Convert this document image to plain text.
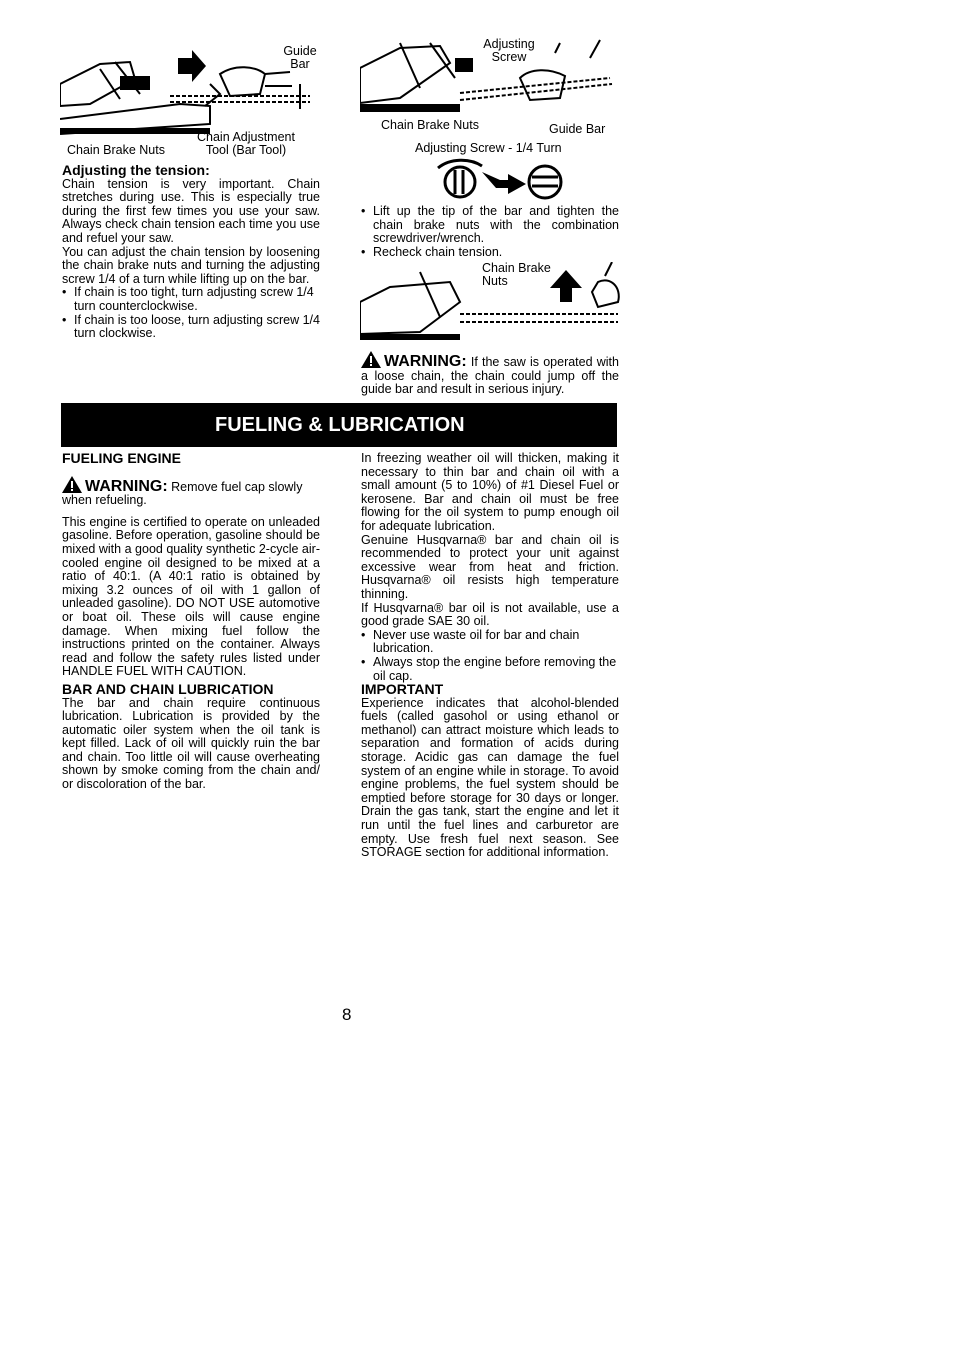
Guide
Bar
Chain Adjustment
Tool (Bar Tool)
Chain Brake Nuts
Adjusting
Screw
Chain Brake Nuts	Guide Bar
Adjusting Screw - 1/4 Turn

Adjusting the tension:

Chain tension is very important. Chain stretches during use. This is especially true during the first few times you use your saw. Always check chain tension each time you use and refuel your saw.

You can adjust the chain tension by loosening the chain brake nuts and turning the adjusting screw 1/4 of a turn while lifting up on the bar.

• If chain is too tight, turn adjusting screw 1/4 turn counterclockwise.
• If chain is too loose, turn adjusting screw 1/4 turn clockwise.
• Lift up the tip of the bar and tighten the chain brake nuts with the combination screwdriver/wrench.
• Recheck chain tension.
Chain Brake
Nuts
WARNING: If the saw is operated with a loose chain, the chain could jump off the guide bar and result in serious injury.
FUELING & LUBRICATION

FUELING ENGINE

WARNING: Remove fuel cap slowly when refueling.

This engine is certified to operate on unleaded gasoline. Before operation, gasoline should be mixed with a good quality synthetic 2-cycle air-cooled engine oil designed to be mixed at a ratio of 40:1. (A 40:1 ratio is obtained by mixing 3.2 ounces of oil with 1 gallon of unleaded gasoline). DO NOT USE automotive or boat oil. These oils will cause engine damage. When mixing fuel follow the instructions printed on the container. Always read and follow the safety rules listed under HANDLE FUEL WITH CAUTION.

BAR AND CHAIN LUBRICATION

The bar and chain require continuous lubrication. Lubrication is provided by the automatic oiler system when the oil tank is kept filled. Lack of oil will quickly ruin the bar and chain. Too little oil will cause overheating shown by smoke coming from the chain and/ or discoloration of the bar.

In freezing weather oil will thicken, making it necessary to thin bar and chain oil with a small amount (5 to 10%) of #1 Diesel Fuel or kerosene. Bar and chain oil must be free flowing for the oil system to pump enough oil for adequate lubrication.

Genuine Husqvarna® bar and chain oil is recommended to protect your unit against excessive wear from heat and friction. Husqvarna® oil resists high temperature thinning.

If Husqvarna® bar oil is not available, use a good grade SAE 30 oil.

• Never use waste oil for bar and chain lubrication.
• Always stop the engine before removing the oil cap.

IMPORTANT

Experience indicates that alcohol-blended fuels (called gasohol or using ethanol or methanol) can attract moisture which leads to separation and formation of acids during storage. Acidic gas can damage the fuel system of an engine while in storage. To avoid engine problems, the fuel system should be emptied before storage for 30 days or longer. Drain the gas tank, start the engine and let it run until the fuel lines and carburetor are empty. Use fresh fuel next season. See STORAGE section for additional information.

8
